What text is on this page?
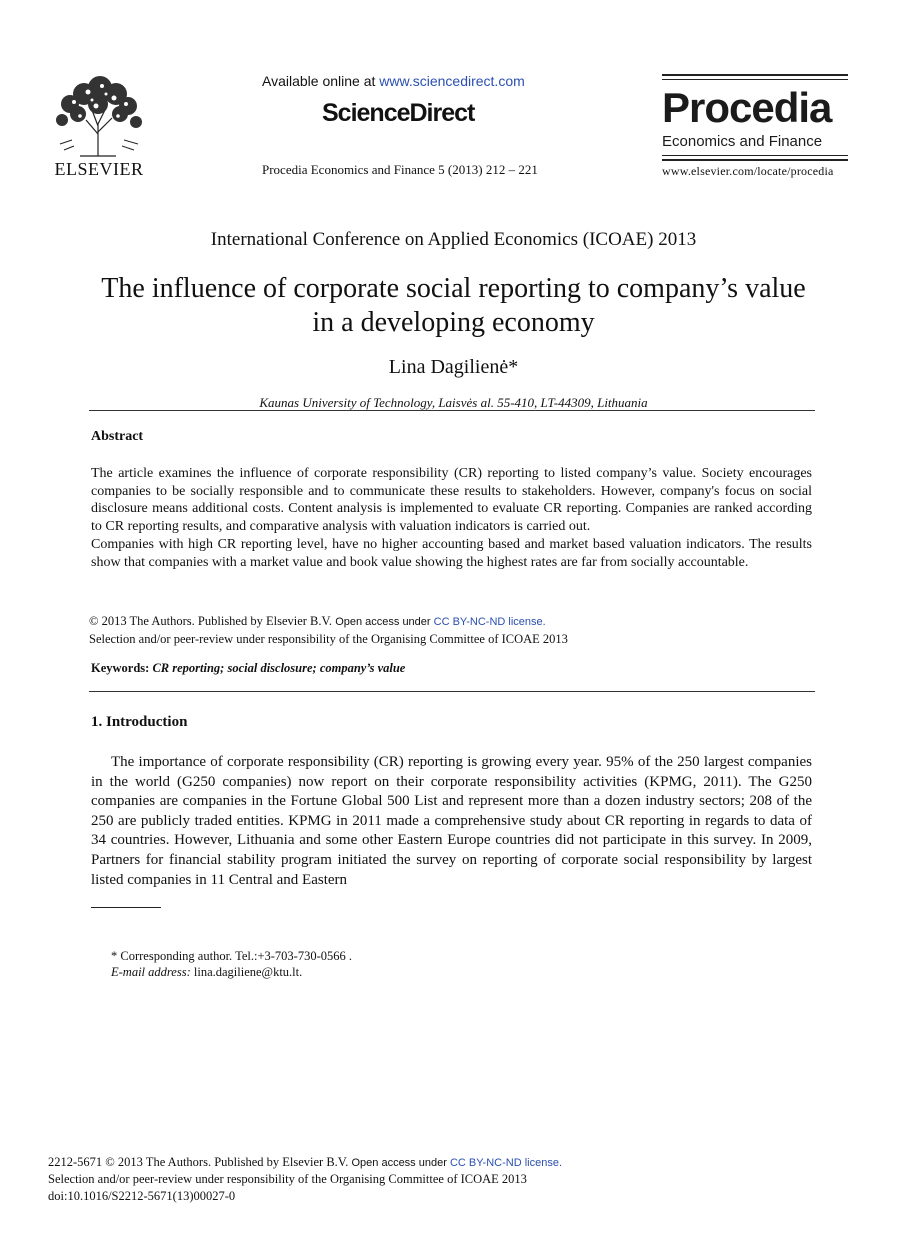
ELSEVIER
Available online at www.sciencedirect.com
ScienceDirect
Procedia Economics and Finance 5 (2013) 212 – 221
Procedia
Economics and Finance
www.elsevier.com/locate/procedia
International Conference on Applied Economics (ICOAE) 2013
The influence of corporate social reporting to company’s value
in a developing economy
Lina Dagilienė*
Kaunas University of Technology, Laisvės al. 55-410, LT-44309, Lithuania
Abstract
The article examines the influence of corporate responsibility (CR) reporting to listed company’s value. Society encourages companies to be socially responsible and to communicate these results to stakeholders. However, company's focus on social disclosure means additional costs. Content analysis is implemented to evaluate CR reporting. Companies are ranked according to CR reporting results, and comparative analysis with valuation indicators is carried out.
Companies with high CR reporting level, have no higher accounting based and market based valuation indicators. The results show that companies with a market value and book value showing the highest rates are far from socially accountable.
© 2013 The Authors. Published by Elsevier B.V. Open access under CC BY-NC-ND license.
Selection and/or peer-review under responsibility of the Organising Committee of ICOAE 2013
Keywords: CR reporting; social disclosure; company’s value
1. Introduction
The importance of corporate responsibility (CR) reporting is growing every year. 95% of the 250 largest companies in the world (G250 companies) now report on their corporate responsibility activities (KPMG, 2011). The G250 companies are companies in the Fortune Global 500 List and represent more than a dozen industry sectors; 208 of the 250 are publicly traded entities. KPMG in 2011 made a comprehensive study about CR reporting in regards to data of 34 countries. However, Lithuania and some other Eastern Europe countries did not participate in this survey. In 2009, Partners for financial stability program initiated the survey on reporting of corporate social responsibility by largest listed companies in 11 Central and Eastern
* Corresponding author. Tel.:+3-703-730-0566 .
E-mail address: lina.dagiliene@ktu.lt.
2212-5671 © 2013 The Authors. Published by Elsevier B.V. Open access under CC BY-NC-ND license.
Selection and/or peer-review under responsibility of the Organising Committee of ICOAE 2013
doi:10.1016/S2212-5671(13)00027-0
